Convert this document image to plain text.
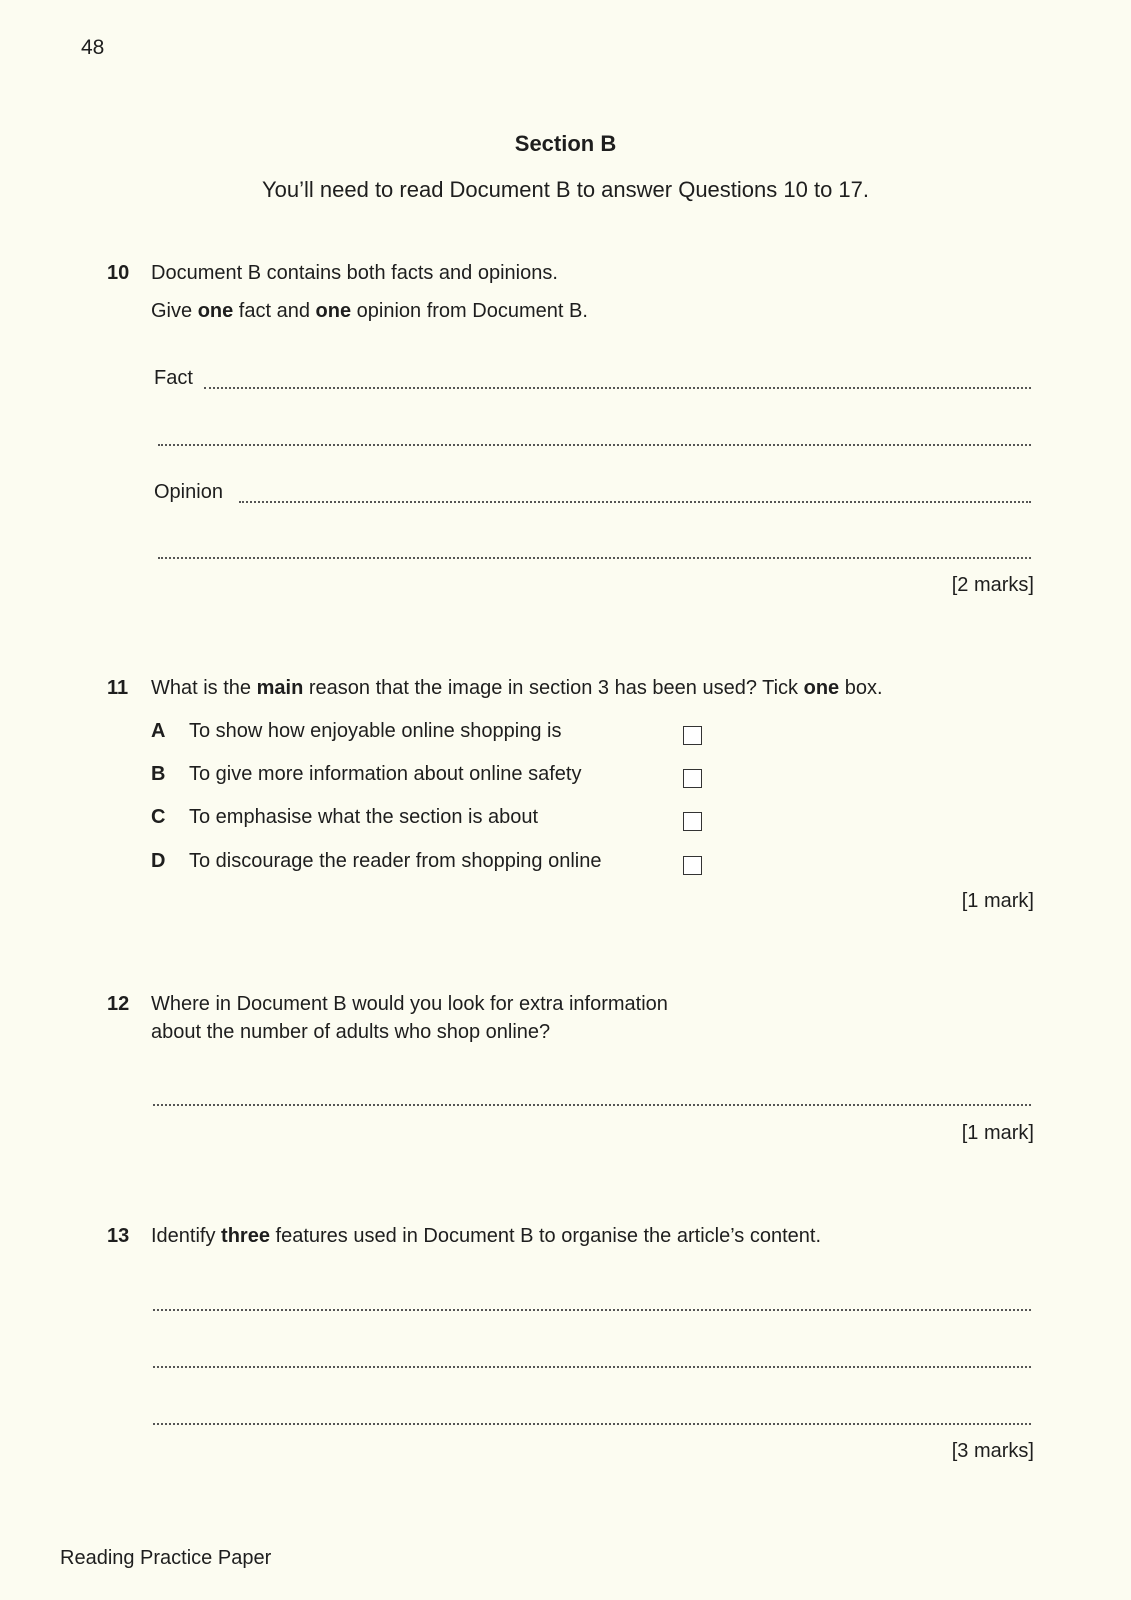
48
Section B
You’ll need to read Document B to answer Questions 10 to 17.
10 Document B contains both facts and opinions.
Give one fact and one opinion from Document B.
Fact
Opinion
[2 marks]
11 What is the main reason that the image in section 3 has been used? Tick one box.
A To show how enjoyable online shopping is
B To give more information about online safety
C To emphasise what the section is about
D To discourage the reader from shopping online
[1 mark]
12 Where in Document B would you look for extra information
about the number of adults who shop online?
[1 mark]
13 Identify three features used in Document B to organise the article’s content.
[3 marks]
Reading Practice Paper
